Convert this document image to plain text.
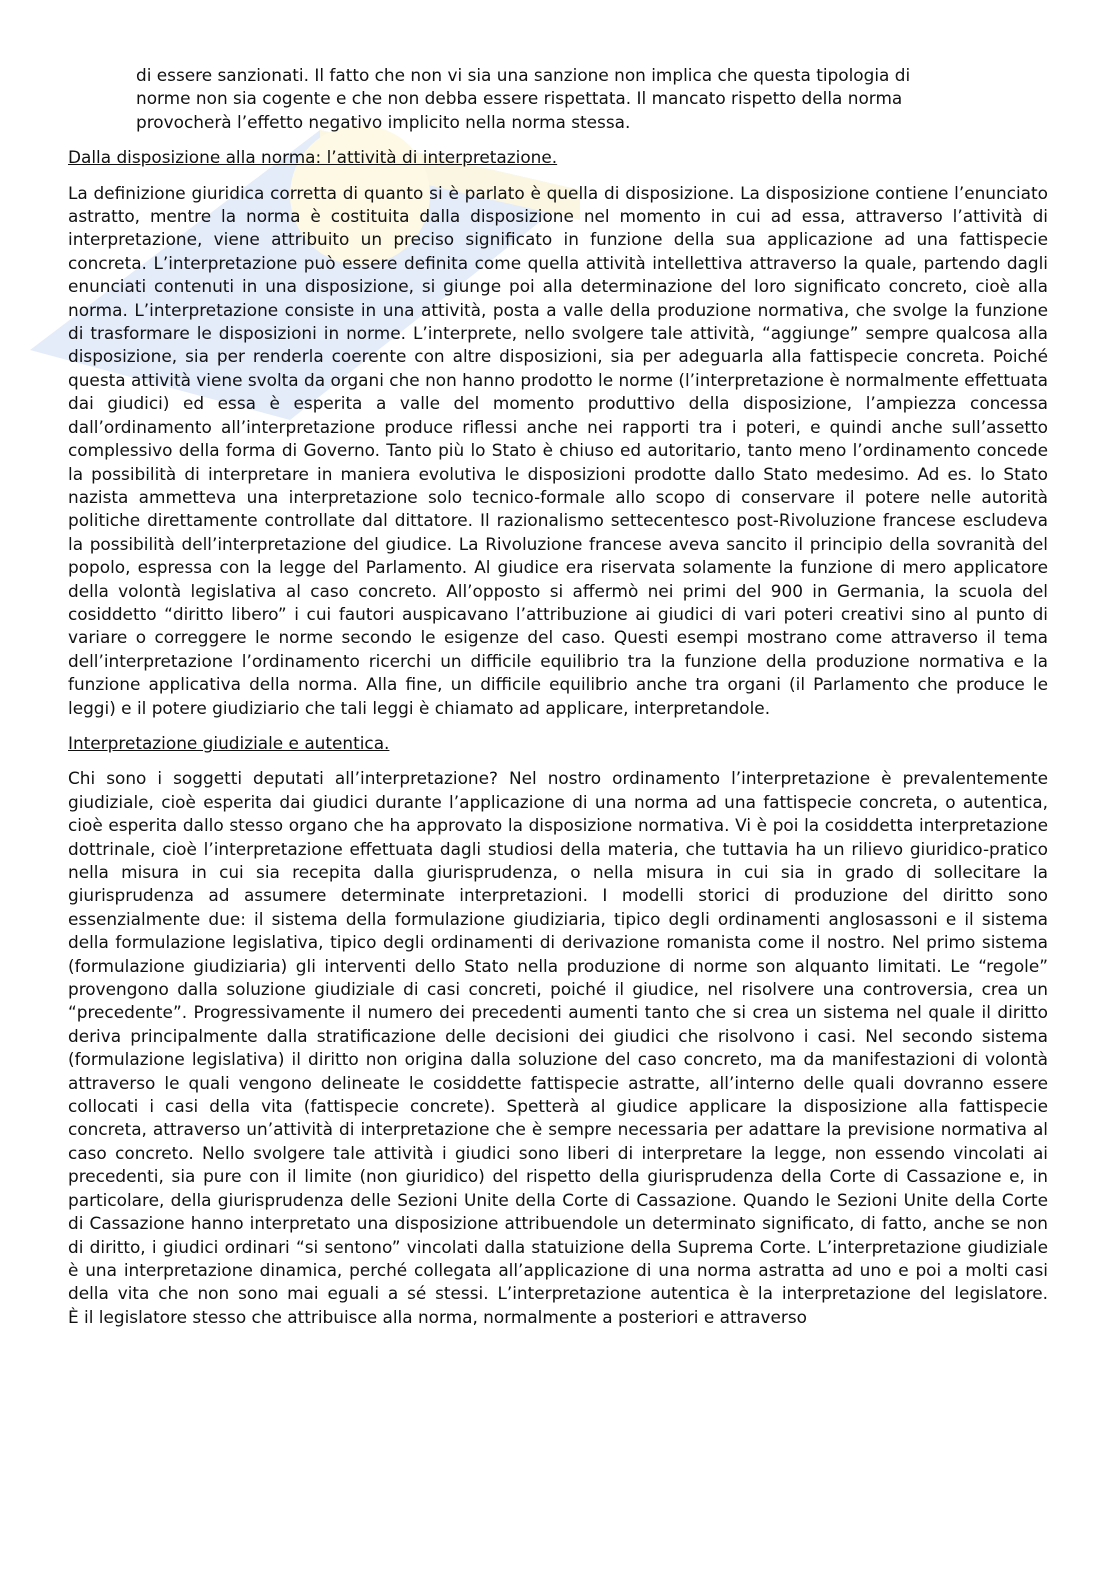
di essere sanzionati. Il fatto che non vi sia una sanzione non implica che questa tipologia di
norme non sia cogente e che non debba essere rispettata. Il mancato rispetto della norma
provocherà l’effetto negativo implicito nella norma stessa.

Dalla disposizione alla norma: l’attività di interpretazione.

La definizione giuridica corretta di quanto si è parlato è quella di disposizione. La disposizione contiene l’enunciato astratto, mentre la norma è costituita dalla disposizione nel momento in cui ad essa, attraverso l’attività di interpretazione, viene attribuito un preciso significato in funzione della sua applicazione ad una fattispecie concreta. L’interpretazione può essere definita come quella attività intellettiva attraverso la quale, partendo dagli enunciati contenuti in una disposizione, si giunge poi alla determinazione del loro significato concreto, cioè alla norma. L’interpretazione consiste in una attività, posta a valle della produzione normativa, che svolge la funzione di trasformare le disposizioni in norme. L’interprete, nello svolgere tale attività, “aggiunge” sempre qualcosa alla disposizione, sia per renderla coerente con altre disposizioni, sia per adeguarla alla fattispecie concreta. Poiché questa attività viene svolta da organi che non hanno prodotto le norme (l’interpretazione è normalmente effettuata dai giudici) ed essa è esperita a valle del momento produttivo della disposizione, l’ampiezza concessa dall’ordinamento all’interpretazione produce riflessi anche nei rapporti tra i poteri, e quindi anche sull’assetto complessivo della forma di Governo. Tanto più lo Stato è chiuso ed autoritario, tanto meno l’ordinamento concede la possibilità di interpretare in maniera evolutiva le disposizioni prodotte dallo Stato medesimo. Ad es. lo Stato nazista ammetteva una interpretazione solo tecnico-formale allo scopo di conservare il potere nelle autorità politiche direttamente controllate dal dittatore. Il razionalismo settecentesco post-Rivoluzione francese escludeva la possibilità dell’interpretazione del giudice. La Rivoluzione francese aveva sancito il principio della sovranità del popolo, espressa con la legge del Parlamento. Al giudice era riservata solamente la funzione di mero applicatore della volontà legislativa al caso concreto. All’opposto si affermò nei primi del 900 in Germania, la scuola del cosiddetto “diritto libero” i cui fautori auspicavano l’attribuzione ai giudici di vari poteri creativi sino al punto di variare o correggere le norme secondo le esigenze del caso. Questi esempi mostrano come attraverso il tema dell’interpretazione l’ordinamento ricerchi un difficile equilibrio tra la funzione della produzione normativa e la funzione applicativa della norma. Alla fine, un difficile equilibrio anche tra organi (il Parlamento che produce le leggi) e il potere giudiziario che tali leggi è chiamato ad applicare, interpretandole.

Interpretazione giudiziale e autentica.

Chi sono i soggetti deputati all’interpretazione? Nel nostro ordinamento l’interpretazione è prevalentemente giudiziale, cioè esperita dai giudici durante l’applicazione di una norma ad una fattispecie concreta, o autentica, cioè esperita dallo stesso organo che ha approvato la disposizione normativa. Vi è poi la cosiddetta interpretazione dottrinale, cioè l’interpretazione effettuata dagli studiosi della materia, che tuttavia ha un rilievo giuridico-pratico nella misura in cui sia recepita dalla giurisprudenza, o nella misura in cui sia in grado di sollecitare la giurisprudenza ad assumere determinate interpretazioni. I modelli storici di produzione del diritto sono essenzialmente due: il sistema della formulazione giudiziaria, tipico degli ordinamenti anglosassoni e il sistema della formulazione legislativa, tipico degli ordinamenti di derivazione romanista come il nostro. Nel primo sistema (formulazione giudiziaria) gli interventi dello Stato nella produzione di norme son alquanto limitati. Le “regole” provengono dalla soluzione giudiziale di casi concreti, poiché il giudice, nel risolvere una controversia, crea un “precedente”. Progressivamente il numero dei precedenti aumenti tanto che si crea un sistema nel quale il diritto deriva principalmente dalla stratificazione delle decisioni dei giudici che risolvono i casi. Nel secondo sistema (formulazione legislativa) il diritto non origina dalla soluzione del caso concreto, ma da manifestazioni di volontà attraverso le quali vengono delineate le cosiddette fattispecie astratte, all’interno delle quali dovranno essere collocati i casi della vita (fattispecie concrete). Spetterà al giudice applicare la disposizione alla fattispecie concreta, attraverso un’attività di interpretazione che è sempre necessaria per adattare la previsione normativa al caso concreto. Nello svolgere tale attività i giudici sono liberi di interpretare la legge, non essendo vincolati ai precedenti, sia pure con il limite (non giuridico) del rispetto della giurisprudenza della Corte di Cassazione e, in particolare, della giurisprudenza delle Sezioni Unite della Corte di Cassazione. Quando le Sezioni Unite della Corte di Cassazione hanno interpretato una disposizione attribuendole un determinato significato, di fatto, anche se non di diritto, i giudici ordinari “si sentono” vincolati dalla statuizione della Suprema Corte. L’interpretazione giudiziale è una interpretazione dinamica, perché collegata all’applicazione di una norma astratta ad uno e poi a molti casi della vita che non sono mai eguali a sé stessi. L’interpretazione autentica è la interpretazione del legislatore.
È il legislatore stesso che attribuisce alla norma, normalmente a posteriori e attraverso
